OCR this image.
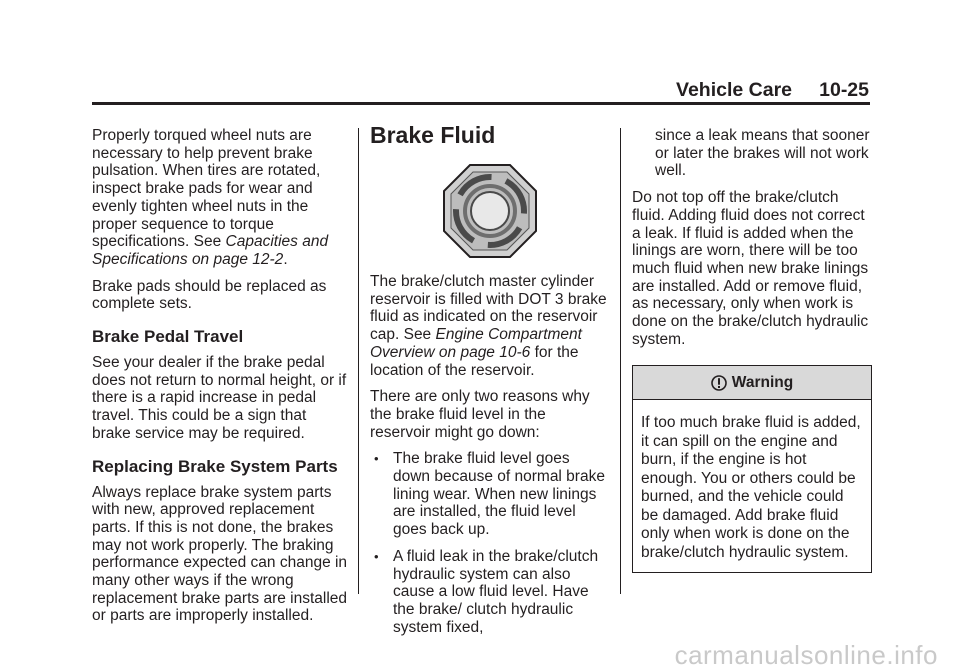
Vehicle Care 10-25

Properly torqued wheel nuts are necessary to help prevent brake pulsation. When tires are rotated, inspect brake pads for wear and evenly tighten wheel nuts in the proper sequence to torque specifications. See Capacities and Specifications on page 12-2.

Brake pads should be replaced as complete sets.

Brake Pedal Travel

See your dealer if the brake pedal does not return to normal height, or if there is a rapid increase in pedal travel. This could be a sign that brake service may be required.

Replacing Brake System Parts

Always replace brake system parts with new, approved replacement parts. If this is not done, the brakes may not work properly. The braking performance expected can change in many other ways if the wrong replacement brake parts are installed or parts are improperly installed.

Brake Fluid

The brake/clutch master cylinder reservoir is filled with DOT 3 brake fluid as indicated on the reservoir cap. See Engine Compartment Overview on page 10-6 for the location of the reservoir.

There are only two reasons why the brake fluid level in the reservoir might go down:

• The brake fluid level goes down because of normal brake lining wear. When new linings are installed, the fluid level goes back up.
• A fluid leak in the brake/clutch hydraulic system can also cause a low fluid level. Have the brake/ clutch hydraulic system fixed,
since a leak means that sooner or later the brakes will not work well.

Do not top off the brake/clutch fluid. Adding fluid does not correct a leak. If fluid is added when the linings are worn, there will be too much fluid when new brake linings are installed. Add or remove fluid, as necessary, only when work is done on the brake/clutch hydraulic system.

Warning
If too much brake fluid is added, it can spill on the engine and burn, if the engine is hot enough. You or others could be burned, and the vehicle could be damaged. Add brake fluid only when work is done on the brake/clutch hydraulic system.
carmanualsonline.info
